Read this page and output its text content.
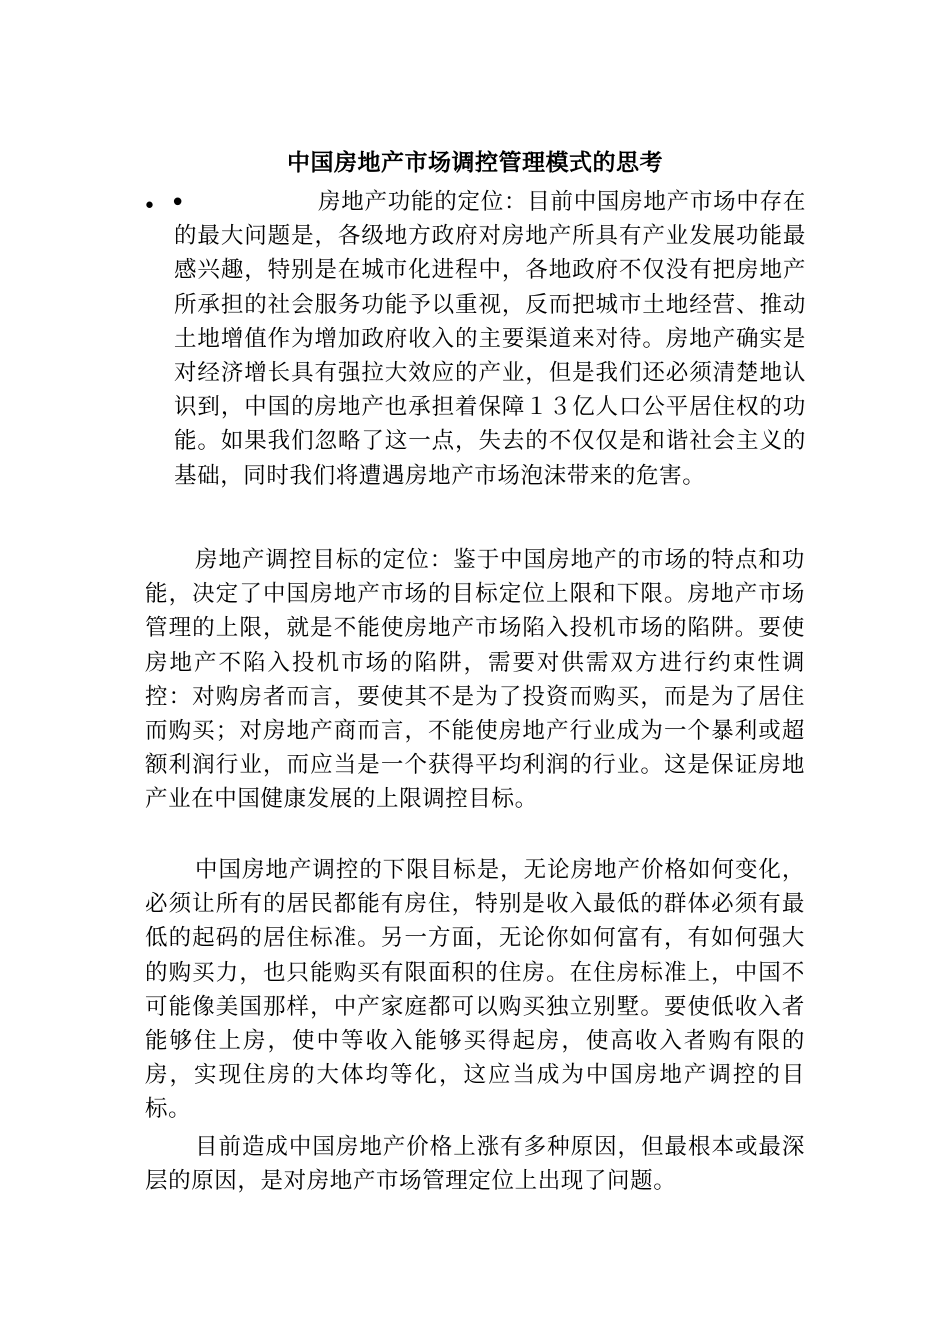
中国房地产市场调控管理模式的思考
• •	房地产功能的定位：目前中国房地产市场中存在的最大问题是，各级地方政府对房地产所具有产业发展功能最感兴趣，特别是在城市化进程中，各地政府不仅没有把房地产所承担的社会服务功能予以重视，反而把城市土地经营、推动土地增值作为增加政府收入的主要渠道来对待。房地产确实是对经济增长具有强拉大效应的产业，但是我们还必须清楚地认识到，中国的房地产也承担着保障１３亿人口公平居住权的功能。如果我们忽略了这一点，失去的不仅仅是和谐社会主义的基础，同时我们将遭遇房地产市场泡沫带来的危害。
房地产调控目标的定位：鉴于中国房地产的市场的特点和功能，决定了中国房地产市场的目标定位上限和下限。房地产市场管理的上限，就是不能使房地产市场陷入投机市场的陷阱。要使房地产不陷入投机市场的陷阱，需要对供需双方进行约束性调控：对购房者而言，要使其不是为了投资而购买，而是为了居住而购买；对房地产商而言，不能使房地产行业成为一个暴利或超额利润行业，而应当是一个获得平均利润的行业。这是保证房地产业在中国健康发展的上限调控目标。
中国房地产调控的下限目标是，无论房地产价格如何变化，必须让所有的居民都能有房住，特别是收入最低的群体必须有最低的起码的居住标准。另一方面，无论你如何富有，有如何强大的购买力，也只能购买有限面积的住房。在住房标准上，中国不可能像美国那样，中产家庭都可以购买独立别墅。要使低收入者能够住上房，使中等收入能够买得起房，使高收入者购有限的房，实现住房的大体均等化，这应当成为中国房地产调控的目标。
目前造成中国房地产价格上涨有多种原因，但最根本或最深层的原因，是对房地产市场管理定位上出现了问题。
